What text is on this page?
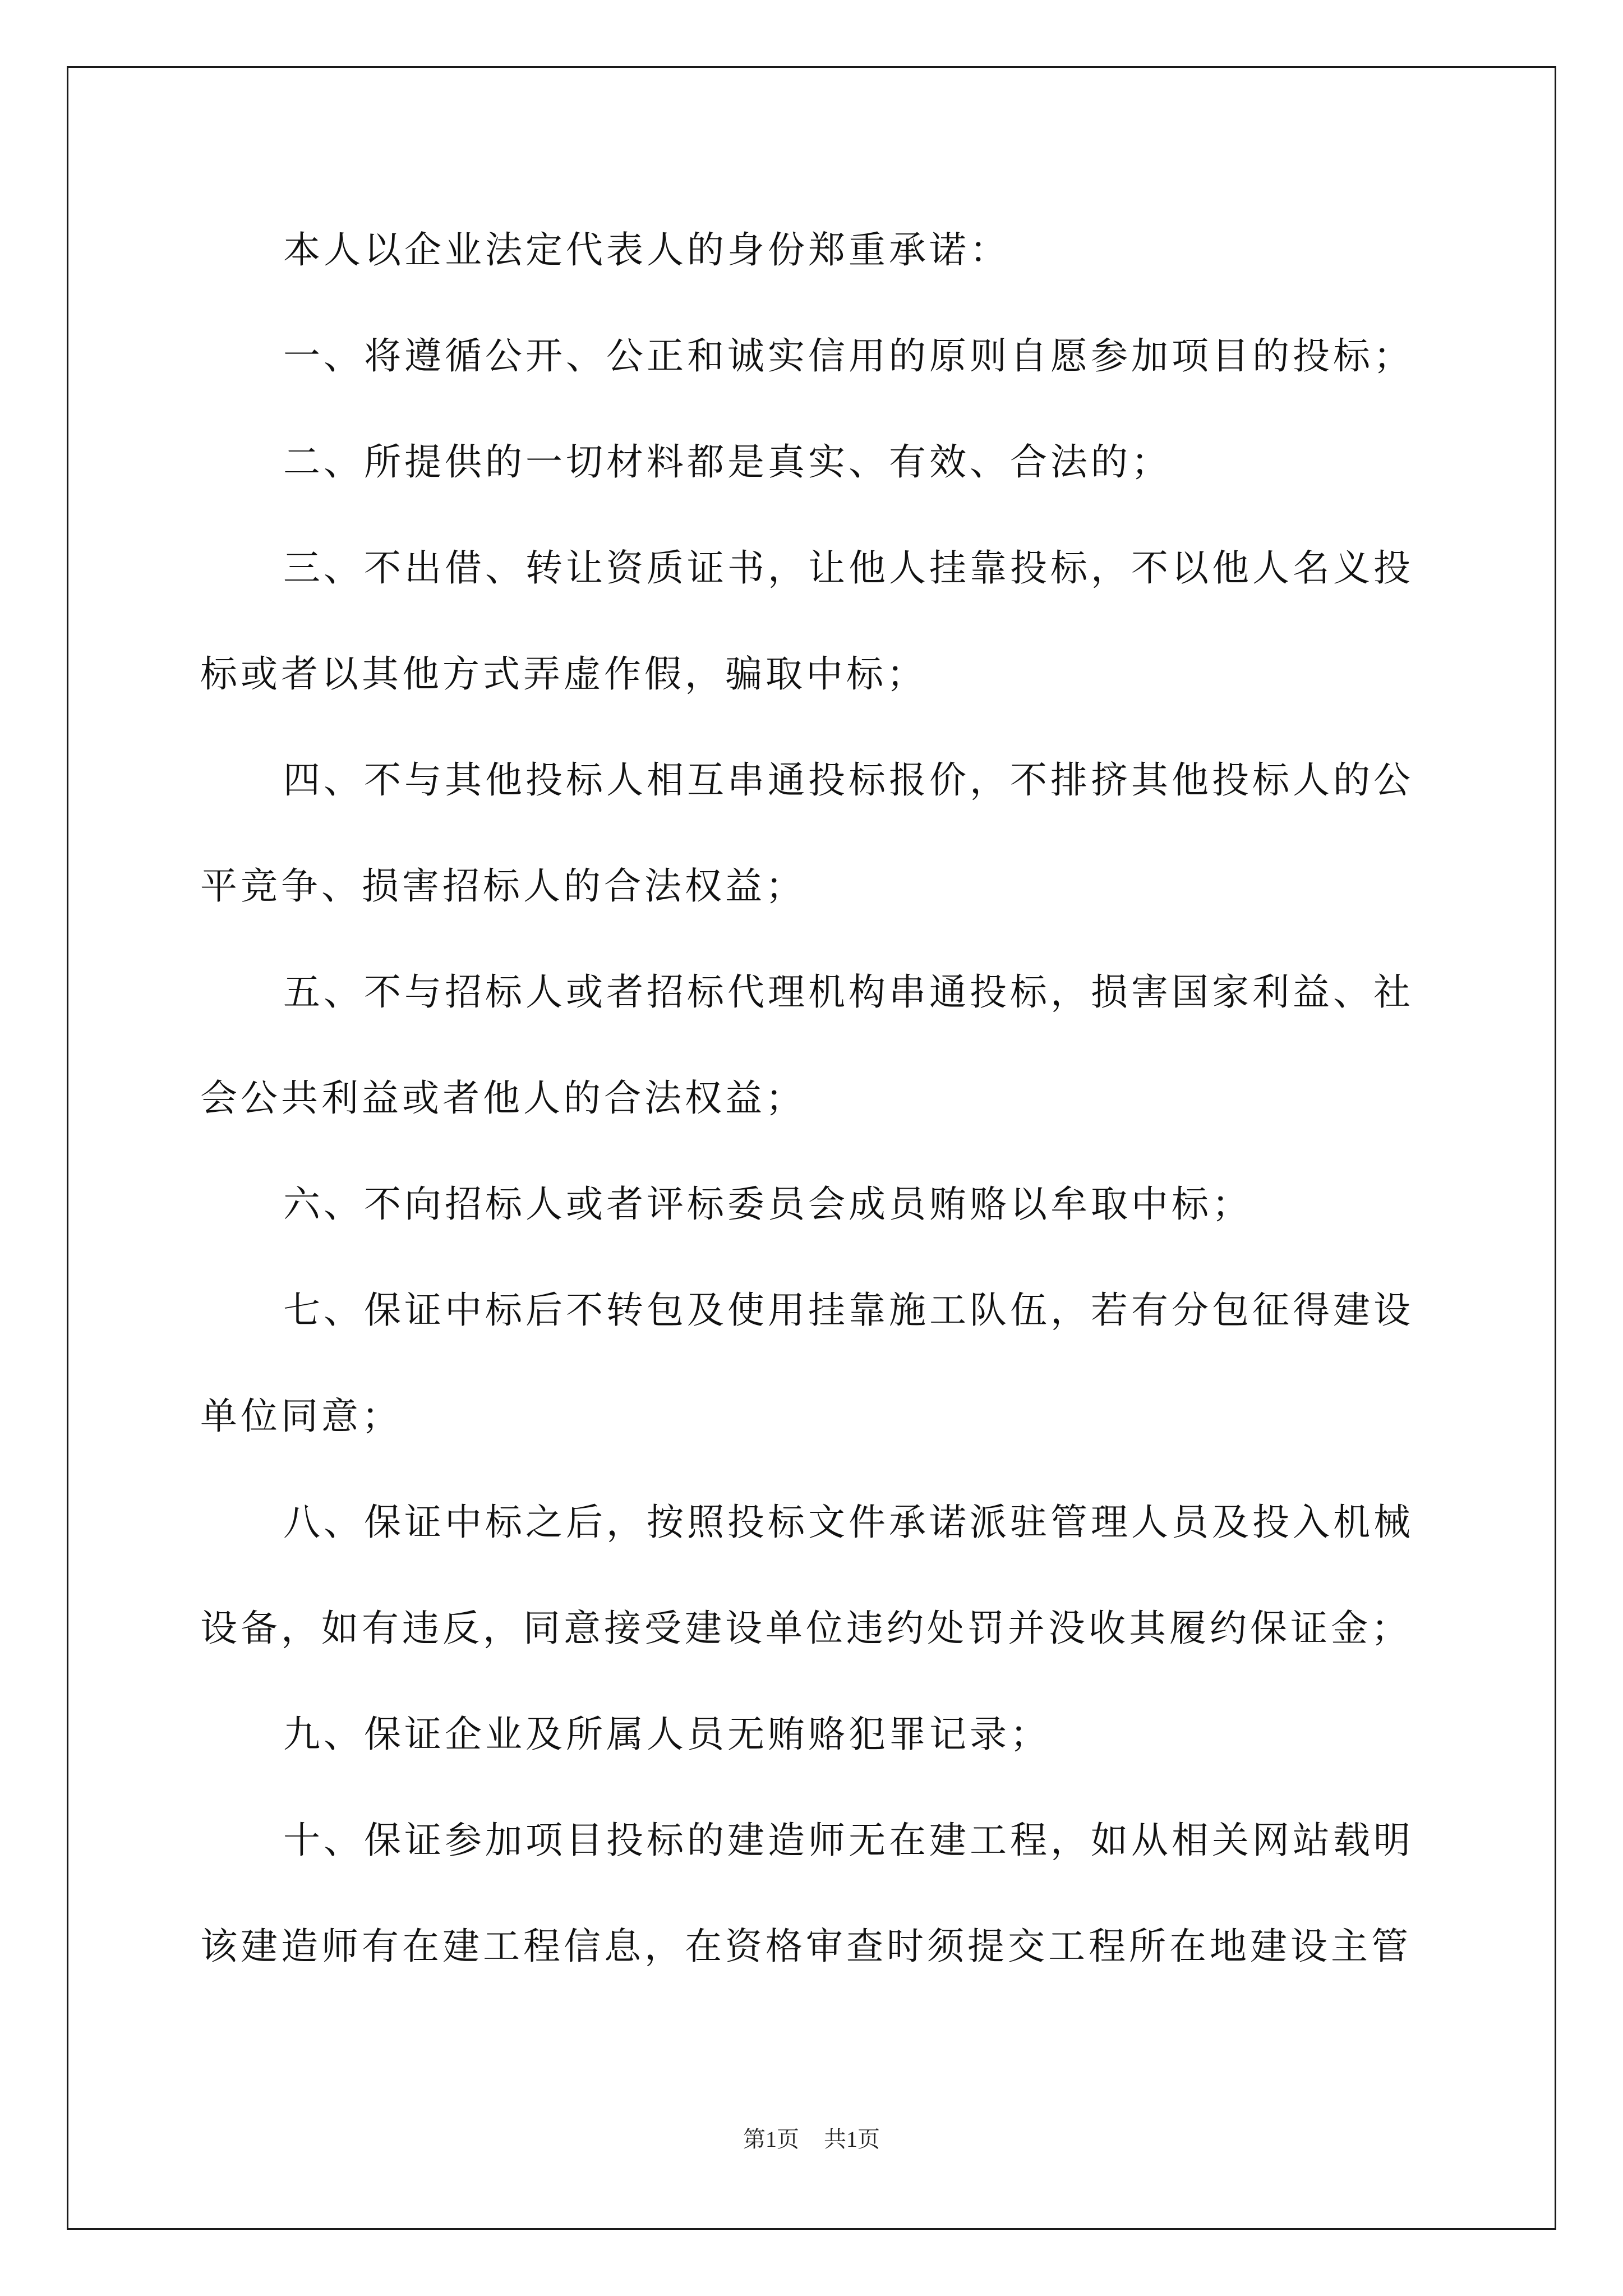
本人以企业法定代表人的身份郑重承诺：
一、将遵循公开、公正和诚实信用的原则自愿参加项目的投标；
二、所提供的一切材料都是真实、有效、合法的；
三、不出借、转让资质证书，让他人挂靠投标，不以他人名义投
标或者以其他方式弄虚作假，骗取中标；
四、不与其他投标人相互串通投标报价，不排挤其他投标人的公
平竞争、损害招标人的合法权益；
五、不与招标人或者招标代理机构串通投标，损害国家利益、社
会公共利益或者他人的合法权益；
六、不向招标人或者评标委员会成员贿赂以牟取中标；
七、保证中标后不转包及使用挂靠施工队伍，若有分包征得建设
单位同意；
八、保证中标之后，按照投标文件承诺派驻管理人员及投入机械
设备，如有违反，同意接受建设单位违约处罚并没收其履约保证金；
九、保证企业及所属人员无贿赂犯罪记录；
十、保证参加项目投标的建造师无在建工程，如从相关网站载明
该建造师有在建工程信息，在资格审查时须提交工程所在地建设主管
第1页 共1页
